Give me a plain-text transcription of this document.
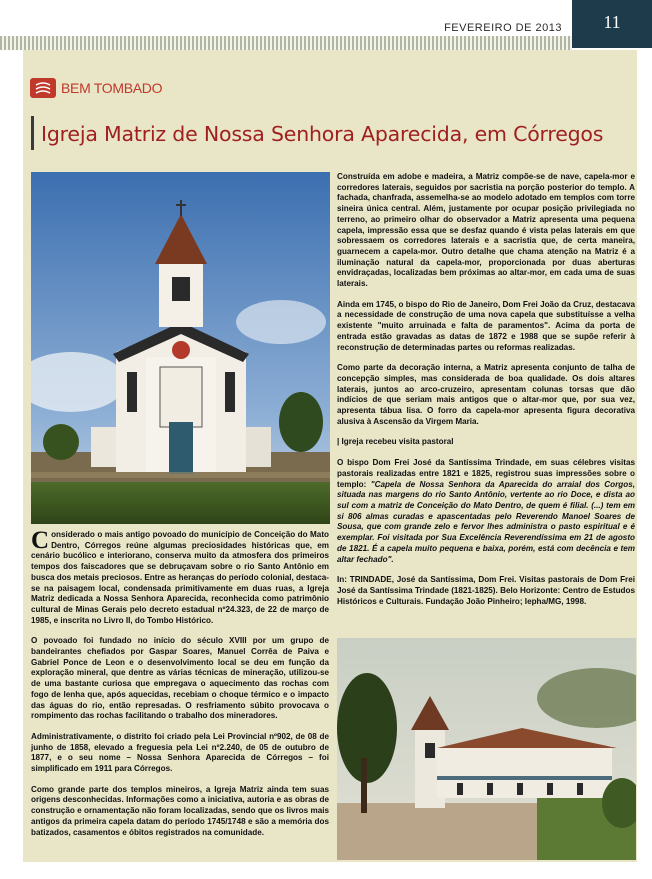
FEVEREIRO DE 2013	11
BEM TOMBADO
Igreja Matriz de Nossa Senhora Aparecida, em Córregos

Considerado o mais antigo povoado do município de Conceição do Mato Dentro, Córregos reúne algumas preciosidades históricas que, em cenário bucólico e interiorano, conserva muito da atmosfera dos primeiros tempos dos faiscadores que se debruçavam sobre o rio Santo Antônio em busca dos metais preciosos. Entre as heranças do período colonial, destaca-se na paisagem local, condensada primitivamente em duas ruas, a Igreja Matriz dedicada a Nossa Senhora Aparecida, reconhecida como patrimônio cultural de Minas Gerais pelo decreto estadual nº24.323, de 22 de março de 1985, e inscrita no Livro II, do Tombo Histórico.

O povoado foi fundado no início do século XVIII por um grupo de bandeirantes chefiados por Gaspar Soares, Manuel Corrêa de Paiva e Gabriel Ponce de Leon e o desenvolvimento local se deu em função da exploração mineral, que dentre as várias técnicas de mineração, utilizou-se de uma bastante curiosa que empregava o aquecimento das rochas com fogo de lenha que, após aquecidas, recebiam o choque térmico e o impacto das águas do rio, então represadas. O resfriamento súbito provocava o rompimento das rochas facilitando o trabalho dos mineradores.

Administrativamente, o distrito foi criado pela Lei Provincial nº902, de 08 de junho de 1858, elevado a freguesia pela Lei nº2.240, de 05 de outubro de 1877, e o seu nome – Nossa Senhora Aparecida de Córregos – foi simplificado em 1911 para Córregos.

Como grande parte dos templos mineiros, a Igreja Matriz ainda tem suas origens desconhecidas. Informações como a iniciativa, autoria e as obras de construção e ornamentação não foram localizadas, sendo que os livros mais antigos da primeira capela datam do período 1745/1748 e são a memória dos batizados, casamentos e óbitos registrados na comunidade.

Construída em adobe e madeira, a Matriz compõe-se de nave, capela-mor e corredores laterais, seguidos por sacristia na porção posterior do templo. A fachada, chanfrada, assemelha-se ao modelo adotado em templos com torre sineira única central. Além, justamente por ocupar posição privilegiada no terreno, ao primeiro olhar do observador a Matriz apresenta uma pequena capela, impressão essa que se desfaz quando é vista pelas laterais em que sobressaem os corredores laterais e a sacristia que, de certa maneira, guarnecem a capela-mor. Outro detalhe que chama atenção na Matriz é a iluminação natural da capela-mor, proporcionada por duas aberturas envidraçadas, localizadas bem próximas ao altar-mor, em cada uma de suas laterais.

Ainda em 1745, o bispo do Rio de Janeiro, Dom Frei João da Cruz, destacava a necessidade de construção de uma nova capela que substituísse a velha existente "muito arruinada e falta de paramentos". Acima da porta de entrada estão gravadas as datas de 1872 e 1988 que se supõe referir à reconstrução de determinadas partes ou reformas realizadas.

Como parte da decoração interna, a Matriz apresenta conjunto de talha de concepção simples, mas considerada de boa qualidade. Os dois altares laterais, juntos ao arco-cruzeiro, apresentam colunas torsas que dão indícios de que seriam mais antigos que o altar-mor que, por sua vez, apresenta tábua lisa. O forro da capela-mor apresenta figura decorativa alusiva à Ascensão da Virgem Maria.

| Igreja recebeu visita pastoral

O bispo Dom Frei José da Santíssima Trindade, em suas célebres visitas pastorais realizadas entre 1821 e 1825, registrou suas impressões sobre o templo: "Capela de Nossa Senhora da Aparecida do arraial dos Corgos, situada nas margens do rio Santo Antônio, vertente ao rio Doce, e dista ao sul com a matriz de Conceição do Mato Dentro, de quem é filial. (...) tem em si 806 almas curadas e apascentadas pelo Reverendo Manoel Soares de Sousa, que com grande zelo e fervor lhes administra o pasto espiritual e é exemplar. Foi visitada por Sua Excelência Reverendíssima em 21 de agosto de 1821. É a capela muito pequena e baixa, porém, está com decência e tem altar fechado".

In: TRINDADE, José da Santíssima, Dom Frei. Visitas pastorais de Dom Frei José da Santíssima Trindade (1821-1825). Belo Horizonte: Centro de Estudos Históricos e Culturais. Fundação João Pinheiro; Iepha/MG, 1998.
